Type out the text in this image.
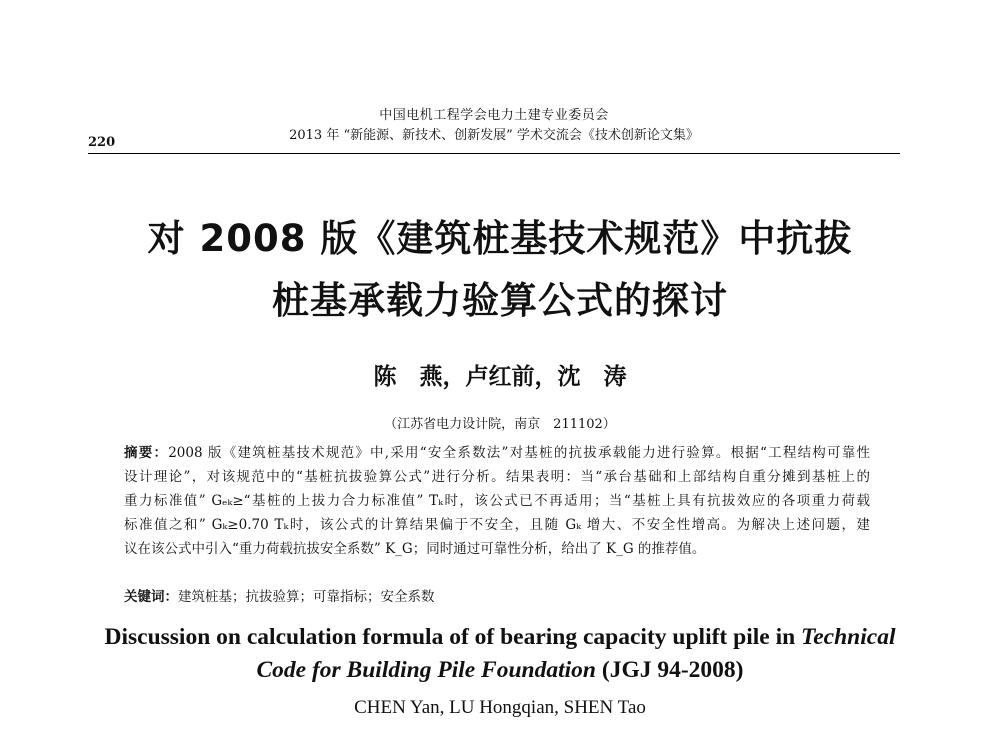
中国电机工程学会电力土建专业委员会
2013 年 “新能源、新技术、创新发展” 学术交流会《技术创新论文集》
220
对 2008 版《建筑桩基技术规范》中抗拔
桩基承载力验算公式的探讨
陈　燕，卢红前，沈　涛
（江苏省电力设计院，南京　211102）
摘要：2008 版《建筑桩基技术规范》中,采用“安全系数法”对基桩的抗拔承载能力进行验算。根据“工程结构可靠性
设计理论”，对该规范中的“基桩抗拔验算公式”进行分析。结果表明：当“承台基础和上部结构自重分摊到基桩上的
重力标准值” Gₑₖ≥“基桩的上拔力合力标准值” Tₖ时，该公式已不再适用；当“基桩上具有抗拔效应的各项重力荷载
标准值之和” Gₖ≥0.70 Tₖ时，该公式的计算结果偏于不安全，且随 Gₖ 增大、不安全性增高。为解决上述问题，建
议在该公式中引入“重力荷载抗拔安全系数” K_G；同时通过可靠性分析，给出了 K_G 的推荐值。
关键词：建筑桩基；抗拔验算；可靠指标；安全系数
Discussion on calculation formula of of bearing capacity uplift pile in Technical
Code for Building Pile Foundation (JGJ 94-2008)
CHEN Yan, LU Hongqian, SHEN Tao
